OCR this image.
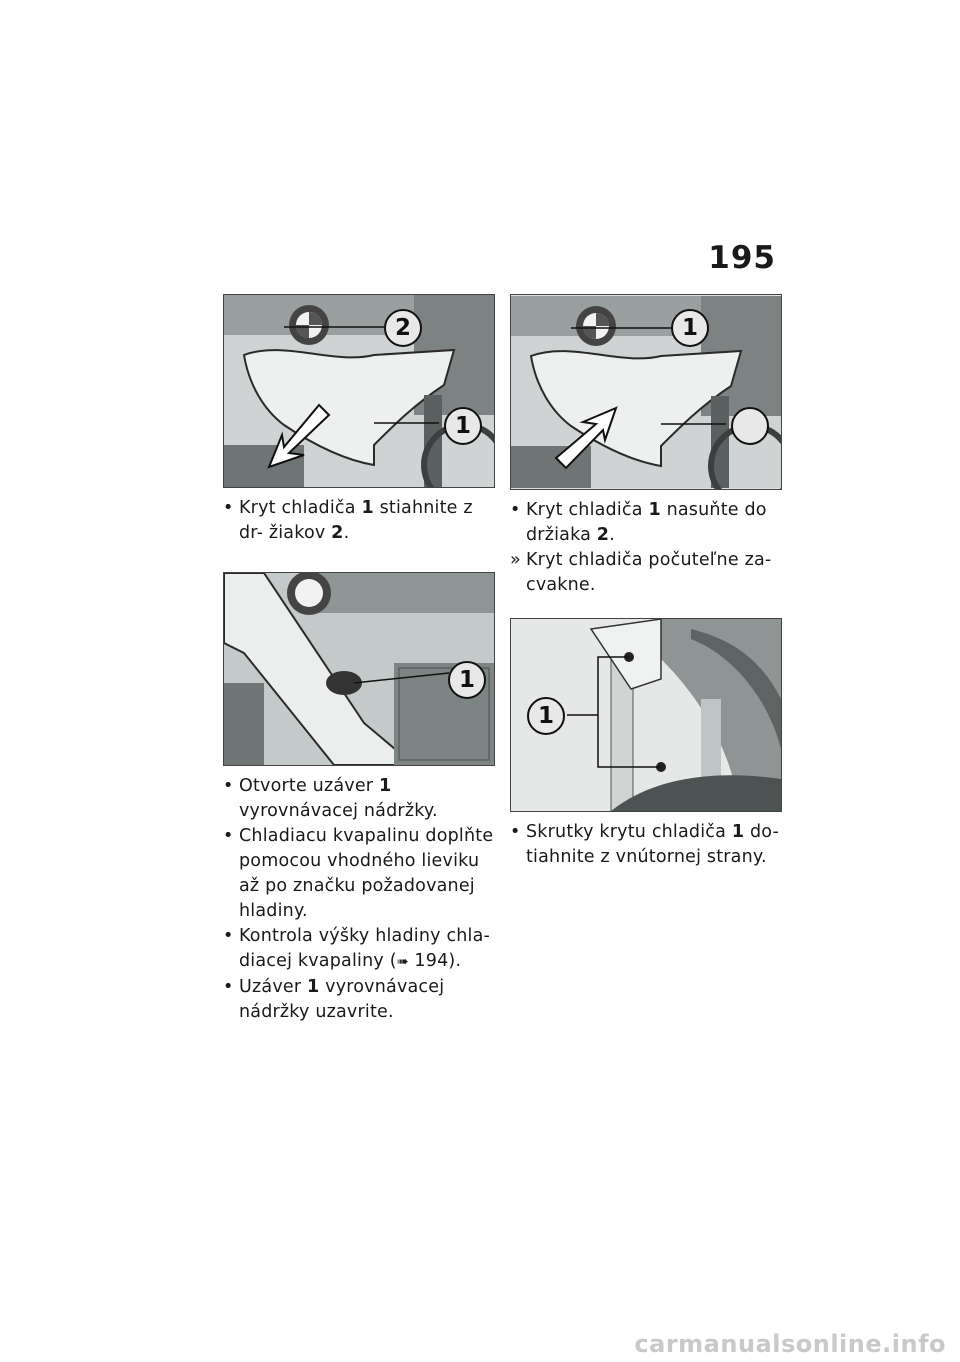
195
2
1
• Kryt chladiča 1 stiahnite z dr- žiakov 2.
1
• Otvorte uzáver 1 vyrovnávacej nádržky.
• Chladiacu kvapalinu doplňte pomocou vhodného lieviku až po značku požadovanej hladiny.
• Kontrola výšky hladiny chla- diacej kvapaliny (➠ 194).
• Uzáver 1 vyrovnávacej nádržky uzavrite.
1
• Kryt chladiča 1 nasuňte do držiaka 2.
» Kryt chladiča počuteľne za- cvakne.
1
• Skrutky krytu chladiča 1 do- tiahnite z vnútornej strany.
carmanualsonline.info
